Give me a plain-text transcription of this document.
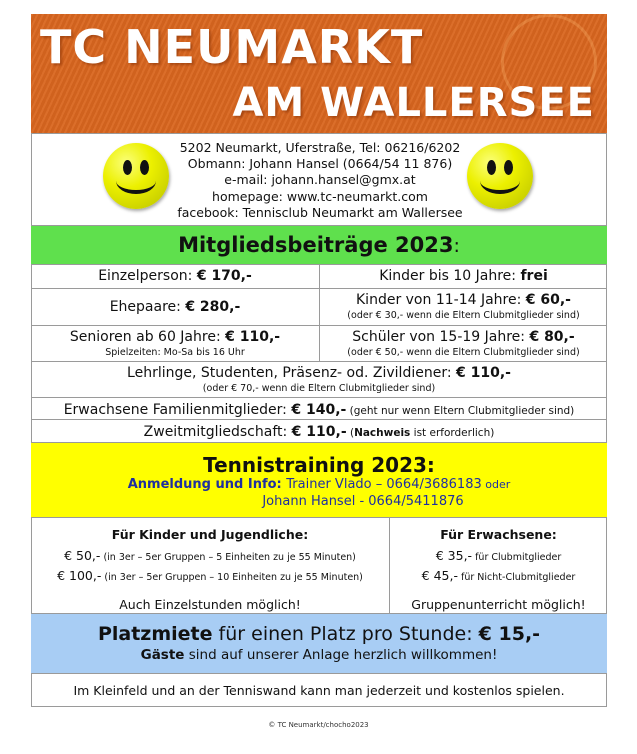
TC NEUMARKT
AM WALLERSEE
5202 Neumarkt, Uferstraße, Tel: 06216/6202
Obmann: Johann Hansel (0664/54 11 876)
e-mail: johann.hansel@gmx.at
homepage: www.tc-neumarkt.com
facebook: Tennisclub Neumarkt am Wallersee
Mitgliedsbeiträge 2023:
Einzelperson: € 170,-	Kinder bis 10 Jahre: frei
Ehepaare: € 280,-	Kinder von 11-14 Jahre: € 60,-
(oder € 30,- wenn die Eltern Clubmitglieder sind)
Senioren ab 60 Jahre: € 110,-
Spielzeiten: Mo-Sa bis 16 Uhr
Schüler von 15-19 Jahre: € 80,-
(oder € 50,- wenn die Eltern Clubmitglieder sind)
Lehrlinge, Studenten, Präsenz- od. Zivildiener: € 110,-
(oder € 70,- wenn die Eltern Clubmitglieder sind)
Erwachsene Familienmitglieder: € 140,- (geht nur wenn Eltern Clubmitglieder sind)
Zweitmitgliedschaft: € 110,- (Nachweis ist erforderlich)
Tennistraining 2023:
Anmeldung und Info: Trainer Vlado – 0664/3686183 oder
Johann Hansel - 0664/5411876
Für Kinder und Jugendliche:
€ 50,- (in 3er – 5er Gruppen – 5 Einheiten zu je 55 Minuten)
€ 100,- (in 3er – 5er Gruppen – 10 Einheiten zu je 55 Minuten)
Auch Einzelstunden möglich!
Für Erwachsene:
€ 35,- für Clubmitglieder
€ 45,- für Nicht-Clubmitglieder
Gruppenunterricht möglich!
Platzmiete für einen Platz pro Stunde: € 15,-
Gäste sind auf unserer Anlage herzlich willkommen!
Im Kleinfeld und an der Tenniswand kann man jederzeit und kostenlos spielen.
© TC Neumarkt/chocho2023
